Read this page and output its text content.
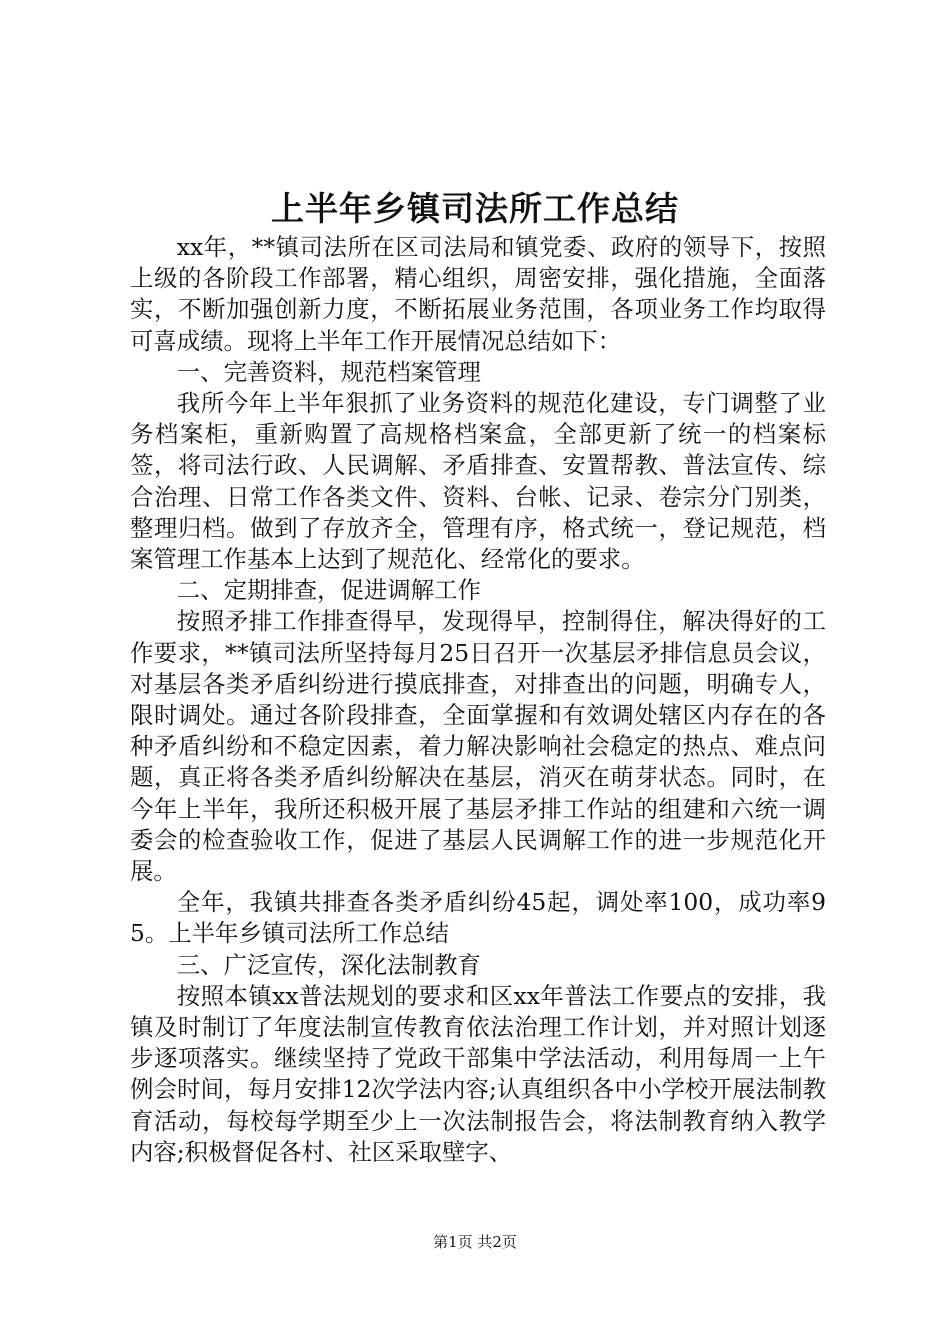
上半年乡镇司法所工作总结

xx年，**镇司法所在区司法局和镇党委、政府的领导下，按照上级的各阶段工作部署，精心组织，周密安排，强化措施，全面落实，不断加强创新力度，不断拓展业务范围，各项业务工作均取得可喜成绩。现将上半年工作开展情况总结如下：

一、完善资料，规范档案管理

我所今年上半年狠抓了业务资料的规范化建设，专门调整了业务档案柜，重新购置了高规格档案盒，全部更新了统一的档案标签，将司法行政、人民调解、矛盾排查、安置帮教、普法宣传、综合治理、日常工作各类文件、资料、台帐、记录、卷宗分门别类，整理归档。做到了存放齐全，管理有序，格式统一，登记规范，档案管理工作基本上达到了规范化、经常化的要求。

二、定期排查，促进调解工作

按照矛排工作排查得早，发现得早，控制得住，解决得好的工作要求，**镇司法所坚持每月25日召开一次基层矛排信息员会议，对基层各类矛盾纠纷进行摸底排查，对排查出的问题，明确专人，限时调处。通过各阶段排查，全面掌握和有效调处辖区内存在的各种矛盾纠纷和不稳定因素，着力解决影响社会稳定的热点、难点问题，真正将各类矛盾纠纷解决在基层，消灭在萌芽状态。同时，在今年上半年，我所还积极开展了基层矛排工作站的组建和六统一调委会的检查验收工作，促进了基层人民调解工作的进一步规范化开展。

全年，我镇共排查各类矛盾纠纷45起，调处率100，成功率95。上半年乡镇司法所工作总结

三、广泛宣传，深化法制教育

按照本镇xx普法规划的要求和区xx年普法工作要点的安排，我镇及时制订了年度法制宣传教育依法治理工作计划，并对照计划逐步逐项落实。继续坚持了党政干部集中学法活动，利用每周一上午例会时间，每月安排12次学法内容;认真组织各中小学校开展法制教育活动，每校每学期至少上一次法制报告会，将法制教育纳入教学内容;积极督促各村、社区采取壁字、

第1页 共2页
